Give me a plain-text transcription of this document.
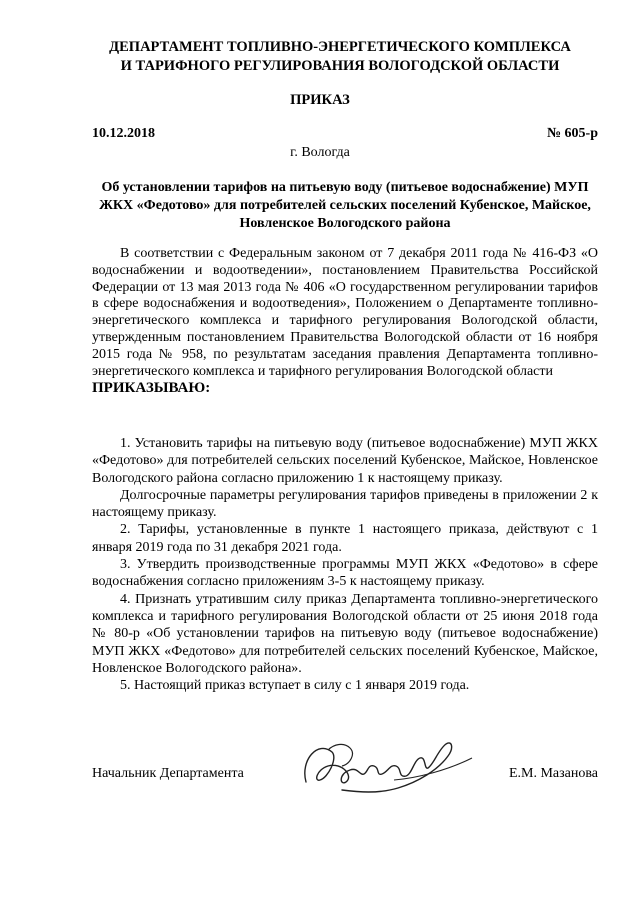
ДЕПАРТАМЕНТ ТОПЛИВНО-ЭНЕРГЕТИЧЕСКОГО КОМПЛЕКСА
И ТАРИФНОГО РЕГУЛИРОВАНИЯ ВОЛОГОДСКОЙ ОБЛАСТИ
ПРИКАЗ
10.12.2018	№ 605-р
г. Вологда
Об установлении тарифов на питьевую воду (питьевое водоснабжение) МУП ЖКХ «Федотово» для потребителей сельских поселений Кубенское, Майское, Новленское Вологодского района

В соответствии с Федеральным законом от 7 декабря 2011 года № 416-ФЗ «О водоснабжении и водоотведении», постановлением Правительства Российской Федерации от 13 мая 2013 года № 406 «О государственном регулировании тарифов в сфере водоснабжения и водоотведения», Положением о Департаменте топливно-энергетического комплекса и тарифного регулирования Вологодской области, утвержденным постановлением Правительства Вологодской области от 16 ноября 2015 года № 958, по результатам заседания правления Департамента топливно-энергетического комплекса и тарифного регулирования Вологодской области

ПРИКАЗЫВАЮ:

1. Установить тарифы на питьевую воду (питьевое водоснабжение) МУП ЖКХ «Федотово» для потребителей сельских поселений Кубенское, Майское, Новленское Вологодского района согласно приложению 1 к настоящему приказу.

Долгосрочные параметры регулирования тарифов приведены в приложении 2 к настоящему приказу.

2. Тарифы, установленные в пункте 1 настоящего приказа, действуют с 1 января 2019 года по 31 декабря 2021 года.

3. Утвердить производственные программы МУП ЖКХ «Федотово» в сфере водоснабжения согласно приложениям 3-5 к настоящему приказу.

4. Признать утратившим силу приказ Департамента топливно-энергетического комплекса и тарифного регулирования Вологодской области от 25 июня 2018 года № 80-р «Об установлении тарифов на питьевую воду (питьевое водоснабжение) МУП ЖКХ «Федотово» для потребителей сельских поселений Кубенское, Майское, Новленское Вологодского района».

5. Настоящий приказ вступает в силу с 1 января 2019 года.

Начальник Департамента	Е.М. Мазанова
